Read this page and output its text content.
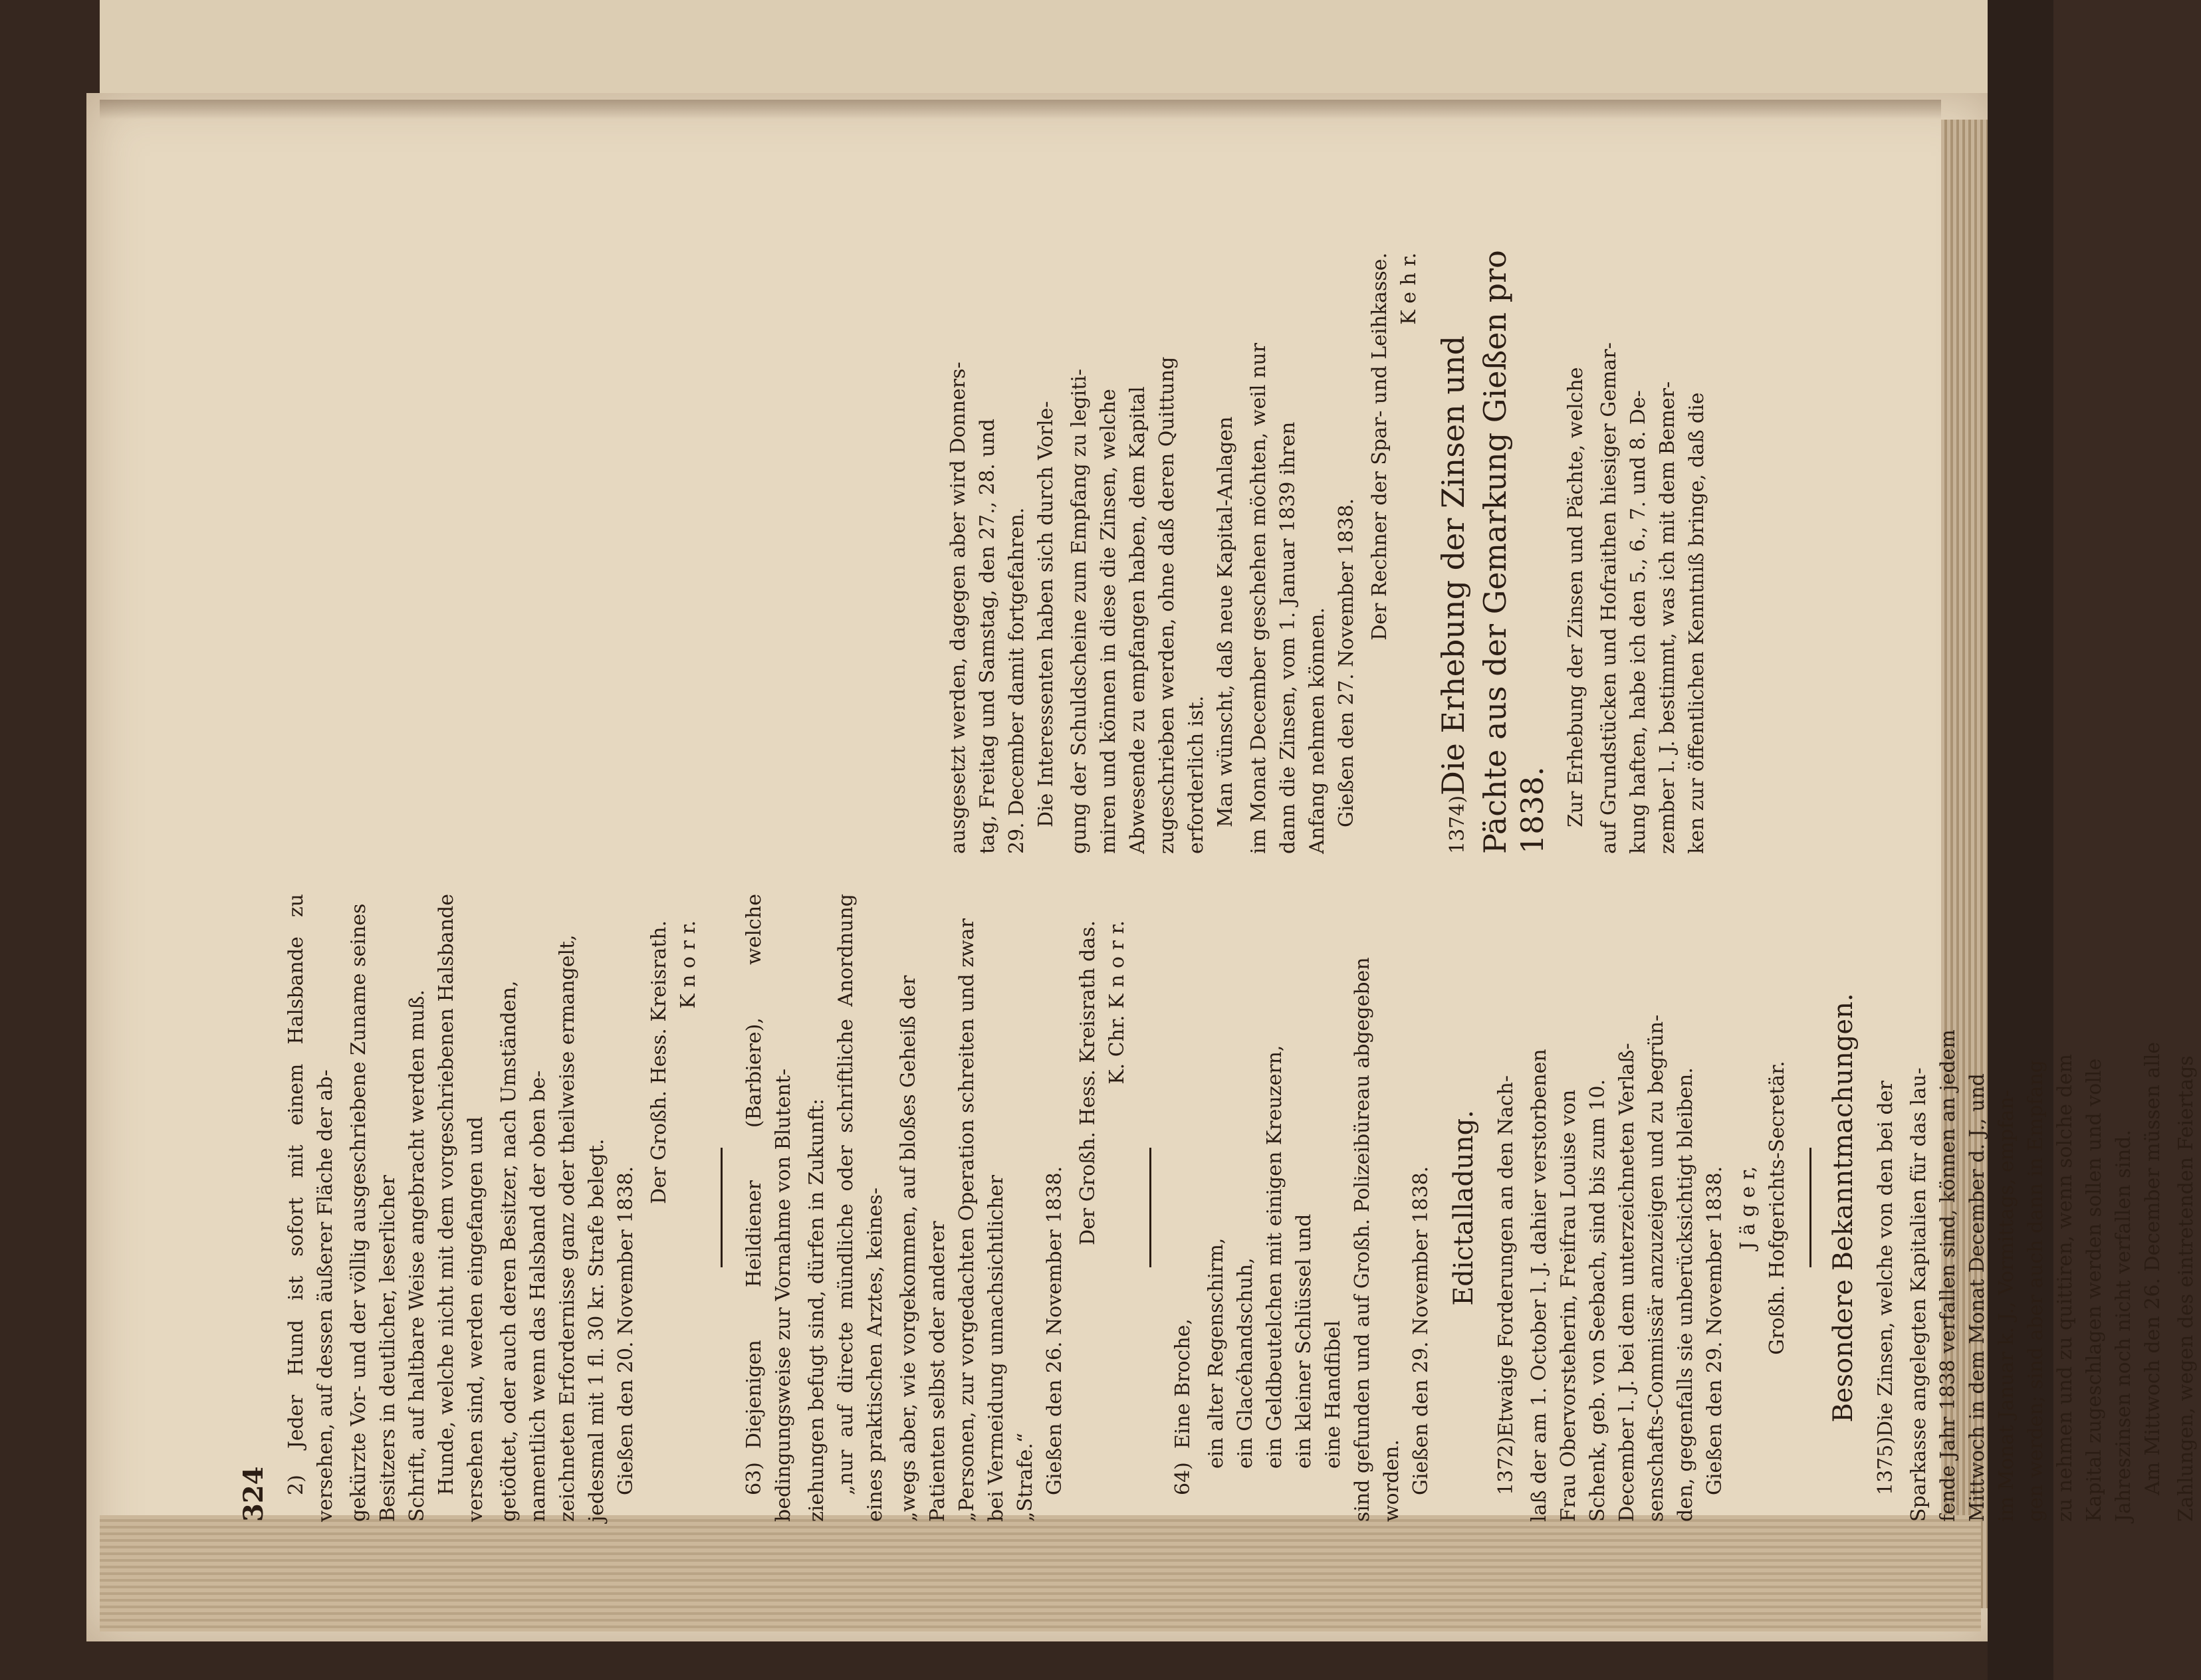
324 2)Jeder Hund ist sofort mit einem Halsbande zu versehen, auf dessen äußerer Fläche der ab- gekürzte Vor- und der völlig ausgeschriebene Zuname seines Besitzers in deutlicher, leserlicher Schrift, auf haltbare Weise angebracht werden muß. Hunde, welche nicht mit dem vorgeschriebenen Halsbande versehen sind, werden eingefangen und getödtet, oder auch deren Besitzer, nach Umständen, namentlich wenn das Halsband der oben be- zeichneten Erfordernisse ganz oder theilweise ermangelt, jedesmal mit 1 fl. 30 kr. Strafe belegt. Gießen den 20. November 1838.
Der Großh. Hess. Kreisrath. K n o r r.
63)Diejenigen Heildiener (Barbiere), welche bedingungsweise zur Vornahme von Blutent- ziehungen befugt sind, dürfen in Zukunft: „nur auf directe mündliche oder schriftliche Anordnung eines praktischen Arztes, keines- „wegs aber, wie vorgekommen, auf bloßes Geheiß der Patienten selbst oder anderer „Personen, zur vorgedachten Operation schreiten und zwar bei Vermeidung unnachsichtlicher „Strafe.“ Gießen den 26. November 1838.
Der Großh. Hess. Kreisrath das. K. Chr. K n o r r.
64)Eine Broche, ein alter Regenschirm, ein Glacéhandschuh, ein Geldbeutelchen mit einigen Kreuzern, ein kleiner Schlüssel und eine Handfibel sind gefunden und auf Großh. Polizeibüreau abgegeben worden. Gießen den 29. November 1838. Edictalladung.
1372)Etwaige Forderungen an den Nach- laß der am 1. October l. J. dahier verstorbenen Frau Obervorsteherin, Freifrau Louise von Schenk, geb. von Seebach, sind bis zum 10. December l. J. bei dem unterzeichneten Verlaß- senschafts-Commissär anzuzeigen und zu begrün- den, gegenfalls sie unberücksichtigt bleiben. Gießen den 29. November 1838. J ä g e r, Großh. Hofgerichts-Secretär. Besondere Bekanntmachungen.
1375)Die Zinsen, welche von den bei der Sparkasse angelegten Kapitalien für das lau- fende Jahr 1838 verfallen sind, können an jedem Mittwoch in dem Monat December d. J., und im Monat Januar k. J., Vormittags, empfan- gen werden; sind aber auch dann in Empfang zu nehmen und zu quittiren, wenn solche dem Kapital zugeschlagen werden sollen und volle Jahreszinsen noch nicht verfallen sind. Am Mittwoch den 26. December müssen alle Zahlungen, wegen des eintretenden Feiertags
ausgesetzt werden, dagegen aber wird Donners- tag, Freitag und Samstag, den 27., 28. und 29. December damit fortgefahren. Die Interessenten haben sich durch Vorle- gung der Schuldscheine zum Empfang zu legiti- miren und können in diese die Zinsen, welche Abwesende zu empfangen haben, dem Kapital zugeschrieben werden, ohne daß deren Quittung erforderlich ist. Man wünscht, daß neue Kapital-Anlagen im Monat December geschehen möchten, weil nur dann die Zinsen, vom 1. Januar 1839 ihren Anfang nehmen können. Gießen den 27. November 1838.
Der Rechner der Spar- und Leihkasse. K e h r.
1374)Die Erhebung der Zinsen und Pächte aus der Gemarkung Gießen pro 1838. Zur Erhebung der Zinsen und Pächte, welche auf Grundstücken und Hofraithen hiesiger Gemar- kung haften, habe ich den 5., 6., 7. und 8. De- zember l. J. bestimmt, was ich mit dem Bemer- ken zur öffentlichen Kenntniß bringe, daß die
